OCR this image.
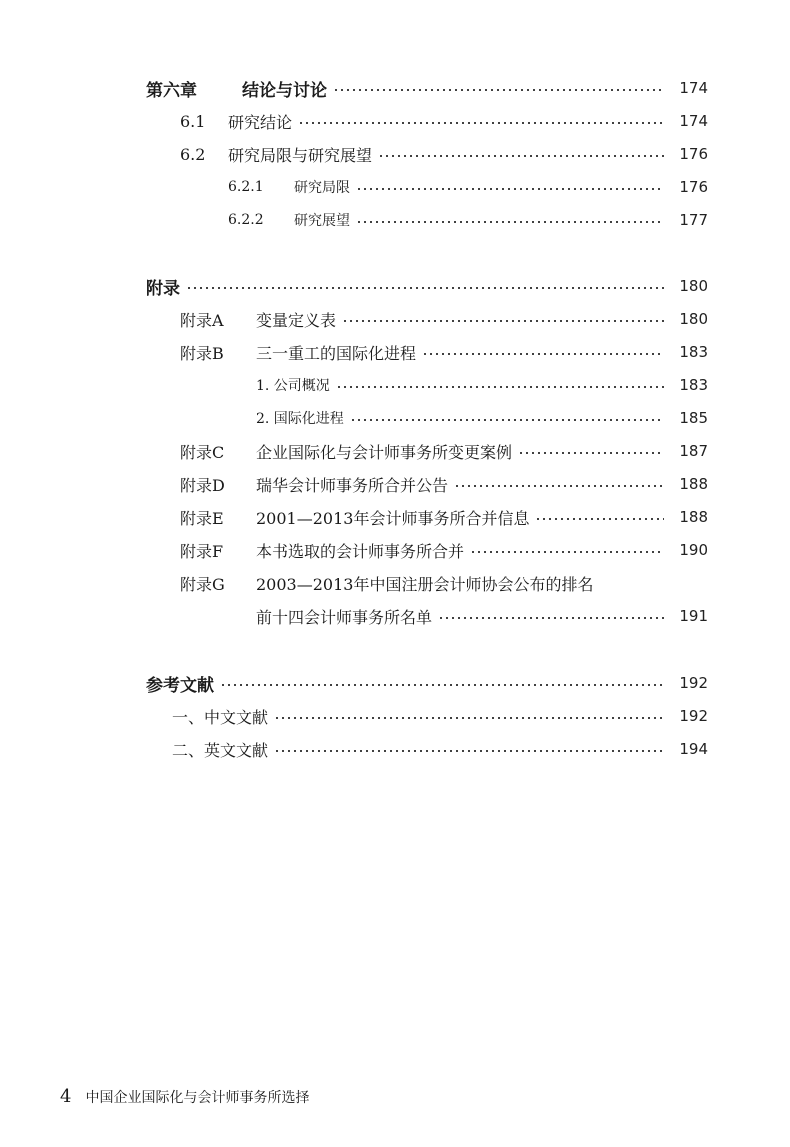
第六章	结论与讨论	174
6.1	研究结论	174
6.2	研究局限与研究展望	176
6.2.1	研究局限	176
6.2.2	研究展望	177
附录	180
附录A	变量定义表	180
附录B	三一重工的国际化进程	183
1. 公司概况	183
2. 国际化进程	185
附录C	企业国际化与会计师事务所变更案例	187
附录D	瑞华会计师事务所合并公告	188
附录E	2001—2013年会计师事务所合并信息	188
附录F	本书选取的会计师事务所合并	190
附录G	2003—2013年中国注册会计师协会公布的排名
前十四会计师事务所名单	191
参考文献	192
一、中文文献	192
二、英文文献	194
4 中国企业国际化与会计师事务所选择
